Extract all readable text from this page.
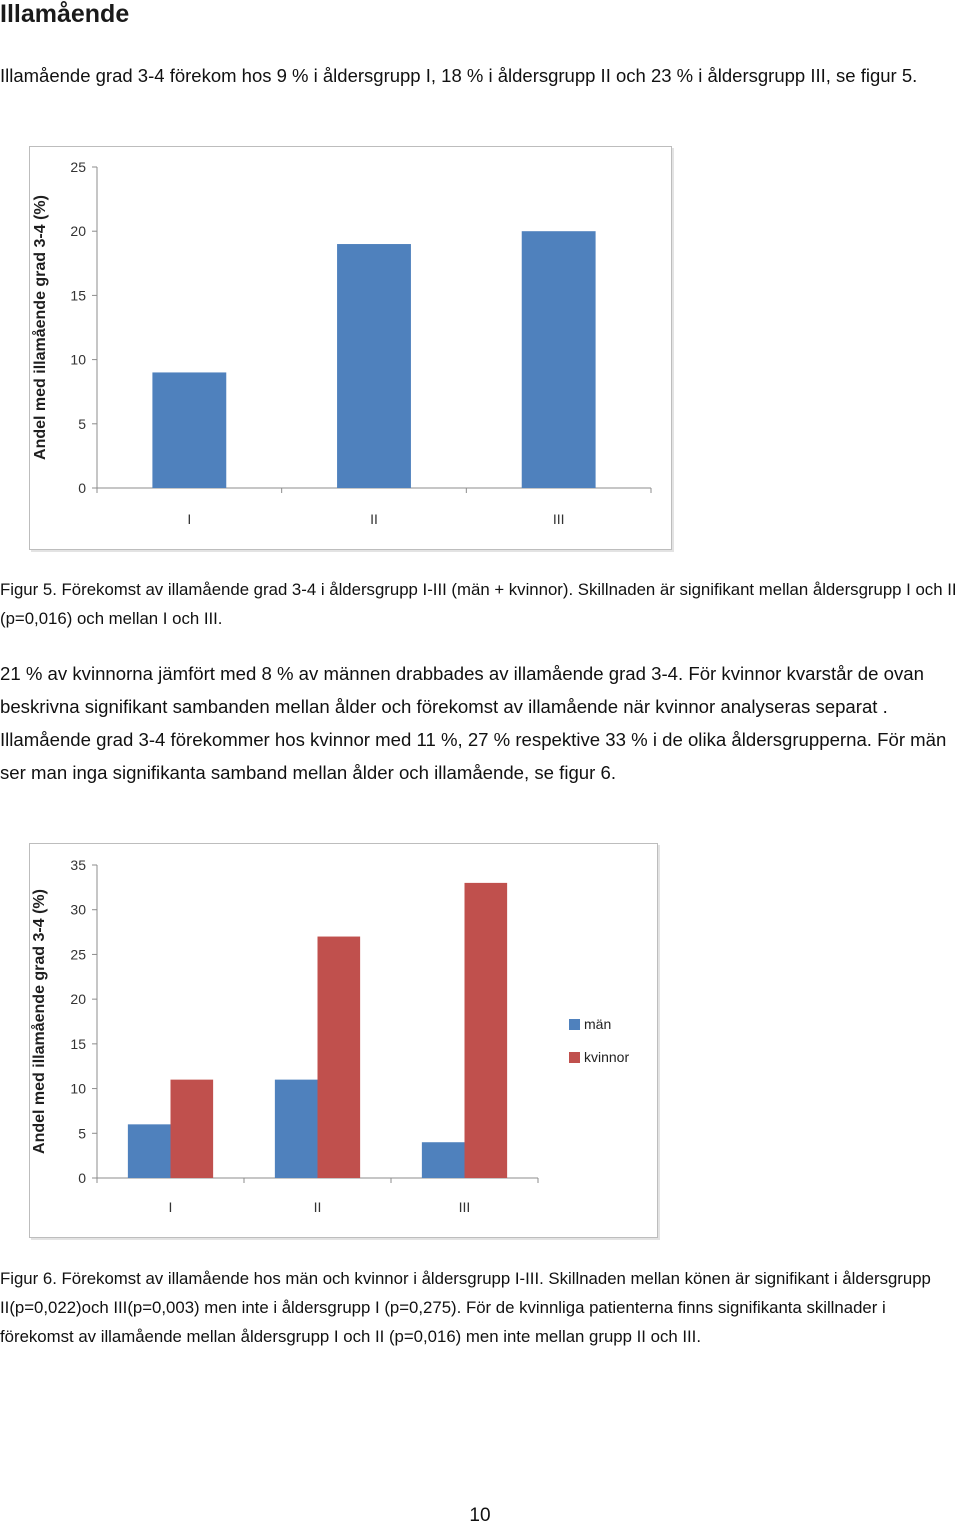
Illamående
Illamående grad 3-4 förekom hos 9 % i åldersgrupp I, 18 % i åldersgrupp II och 23 % i åldersgrupp III, se figur 5.
Andel med illamående grad 3-4 (%)
0
5
10
15
20
25
I	II	III
Figur 5. Förekomst av illamående grad 3-4 i åldersgrupp I-III (män + kvinnor). Skillnaden är signifikant mellan åldersgrupp I och II (p=0,016) och mellan I och III.
21 % av kvinnorna jämfört med 8 % av männen drabbades av illamående grad 3-4. För kvinnor kvarstår de ovan beskrivna signifikant sambanden mellan ålder och förekomst av illamående när kvinnor analyseras separat . Illamående grad 3-4 förekommer hos kvinnor med 11 %, 27 % respektive 33 % i de olika åldersgrupperna. För män ser man inga signifikanta samband mellan ålder och illamående, se figur 6.
Andel med illamående grad 3-4 (%)
0
5
10
15
20
25
30
35
I	II	III
män
kvinnor
Figur 6. Förekomst av illamående hos män och kvinnor i åldersgrupp I-III. Skillnaden mellan könen är signifikant i åldersgrupp II(p=0,022)och III(p=0,003) men inte i åldersgrupp I (p=0,275). För de kvinnliga patienterna finns signifikanta skillnader i förekomst av illamående mellan åldersgrupp I och II (p=0,016) men inte mellan grupp II och III.
10
